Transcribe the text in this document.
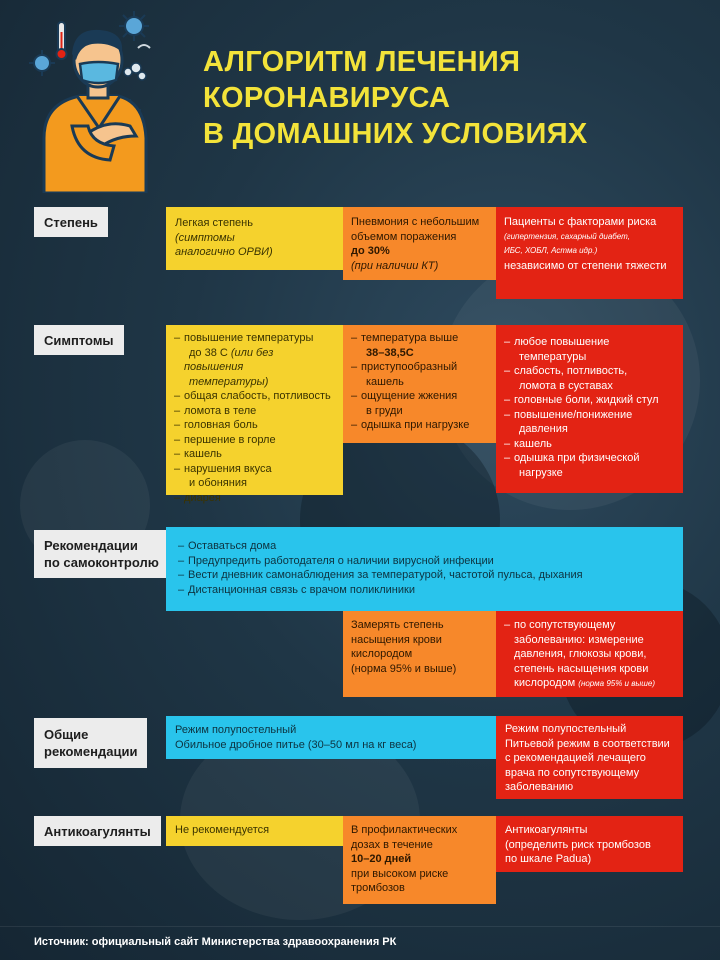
АЛГОРИТМ ЛЕЧЕНИЯ
КОРОНАВИРУСА
В ДОМАШНИХ УСЛОВИЯХ
Степень	Легкая степень
(симптомы
аналогично ОРВИ)
Пневмония с небольшим
объемом поражения
до 30%
(при наличии КТ)
Пациенты с факторами риска
(гипертензия, сахарный диабет,
ИБС, ХОБЛ, Астма идр.)
независимо от степени тяжести
Симптомы
–	повышение температуры
до 38 С (или без повышения
температуры)
– общая слабость, потливость
– ломота в теле
– головная боль
– першение в горле
– кашель
– нарушения вкуса
и обоняния
– диарея
– температура выше
38–38,5С
– приступообразный
кашель
– ощущение жжения
в груди
– одышка при нагрузке
– любое повышение
температуры
– слабость, потливость,
ломота в суставах
– головные боли, жидкий стул
– повышение/понижение
давления
– кашель
– одышка при физической
нагрузке
Рекомендации
по самоконтролю
– Оставаться дома
– Предупредить работодателя о наличии вирусной инфекции
– Вести дневник самонаблюдения за температурой, частотой пульса, дыхания
– Дистанционная связь с врачом поликлиники
Замерять степень
насыщения крови
кислородом
(норма 95% и выше)
– по сопутствующему
заболеванию: измерение
давления, глюкозы крови,
степень насыщения крови
кислородом (норма 95% и выше)
Общие
рекомендации
Режим полупостельный
Обильное дробное питье (30–50 мл на кг веса)
Режим полупостельный
Питьевой режим в соответствии
с рекомендацией лечащего
врача по сопутствующему
заболеванию
Антикоагулянты Не рекомендуется	В профилактических
дозах в течение
10–20 дней
при высоком риске
тромбозов
Антикоагулянты
(определить риск тромбозов
по шкале Padua)
Источник: официальный сайт Министерства здравоохранения РК
